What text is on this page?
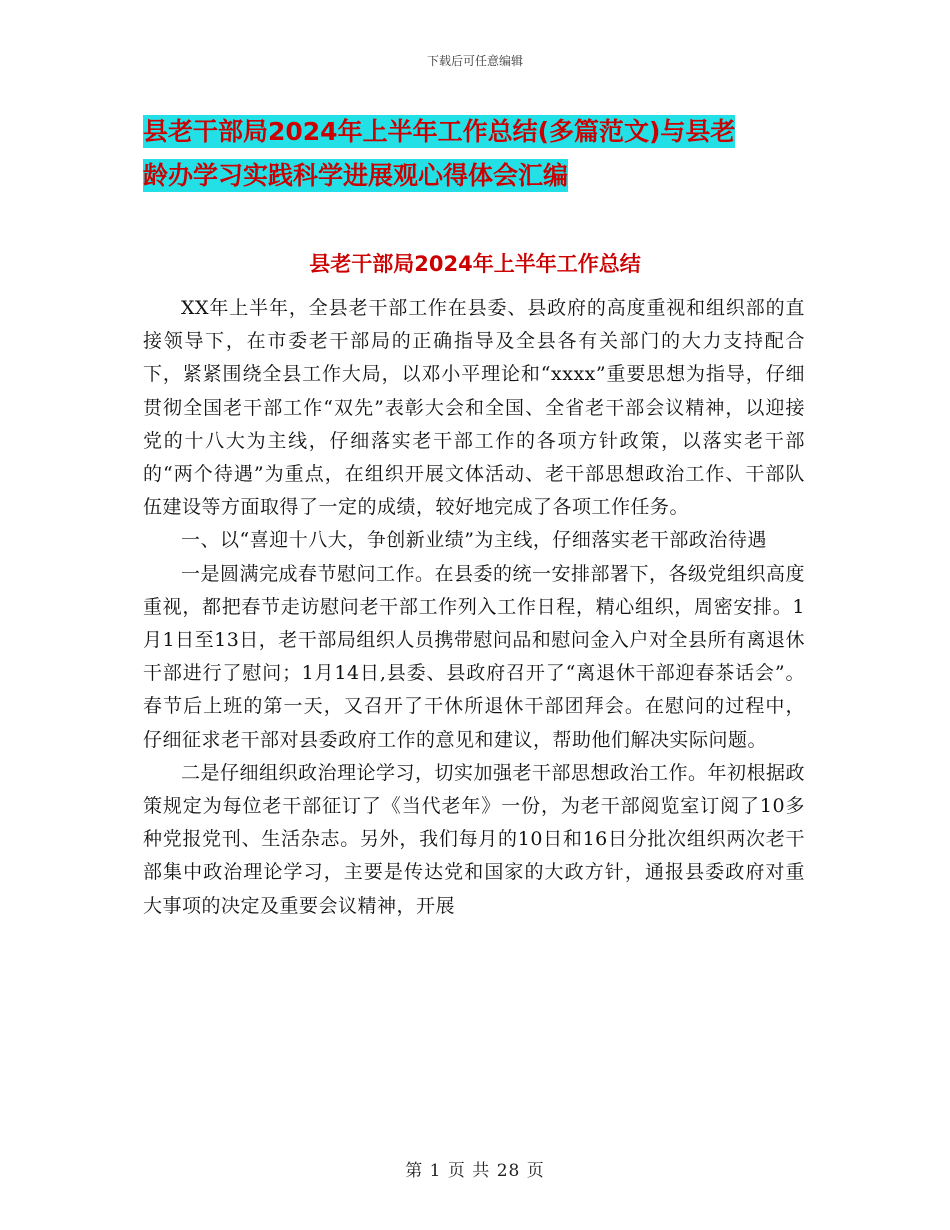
下载后可任意编辑
县老干部局2024年上半年工作总结(多篇范文)与县老
龄办学习实践科学进展观心得体会汇编
县老干部局2024年上半年工作总结

XX年上半年，全县老干部工作在县委、县政府的高度重视和组织部的直接领导下，在市委老干部局的正确指导及全县各有关部门的大力支持配合下，紧紧围绕全县工作大局，以邓小平理论和“xxxx”重要思想为指导，仔细贯彻全国老干部工作“双先”表彰大会和全国、全省老干部会议精神，以迎接党的十八大为主线，仔细落实老干部工作的各项方针政策，以落实老干部的“两个待遇”为重点，在组织开展文体活动、老干部思想政治工作、干部队伍建设等方面取得了一定的成绩，较好地完成了各项工作任务。

一、以“喜迎十八大，争创新业绩”为主线，仔细落实老干部政治待遇

一是圆满完成春节慰问工作。在县委的统一安排部署下，各级党组织高度重视，都把春节走访慰问老干部工作列入工作日程，精心组织，周密安排。1月1日至13日，老干部局组织人员携带慰问品和慰问金入户对全县所有离退休干部进行了慰问；1月14日,县委、县政府召开了“离退休干部迎春茶话会”。春节后上班的第一天，又召开了干休所退休干部团拜会。在慰问的过程中，仔细征求老干部对县委政府工作的意见和建议，帮助他们解决实际问题。

二是仔细组织政治理论学习，切实加强老干部思想政治工作。年初根据政策规定为每位老干部征订了《当代老年》一份，为老干部阅览室订阅了10多种党报党刊、生活杂志。另外，我们每月的10日和16日分批次组织两次老干部集中政治理论学习，主要是传达党和国家的大政方针，通报县委政府对重大事项的决定及重要会议精神，开展

第 1 页 共 28 页
